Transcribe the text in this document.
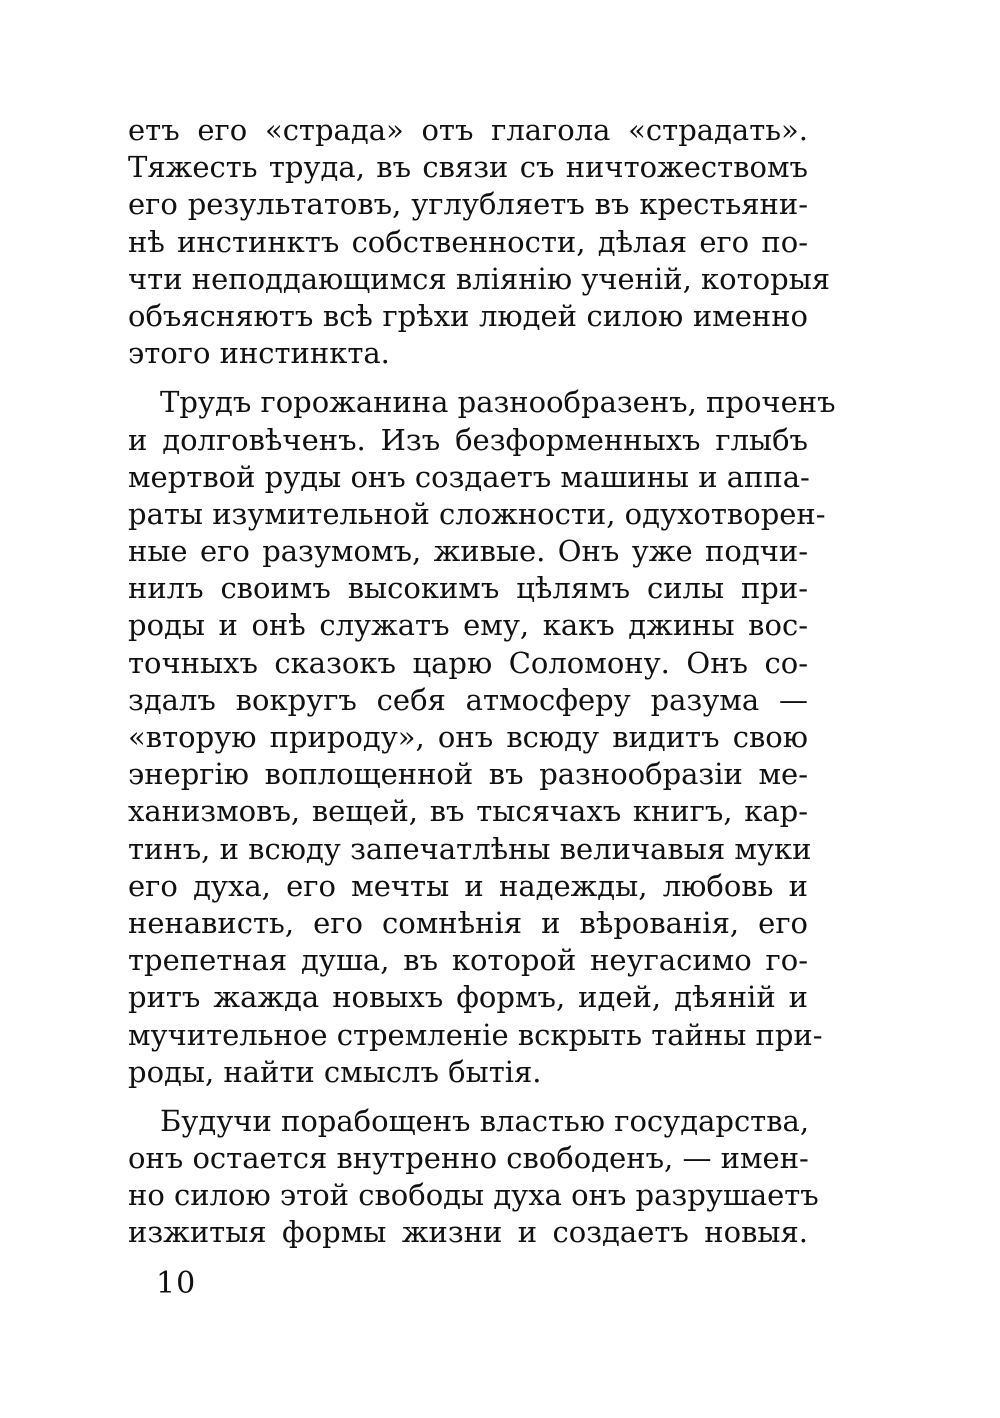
етъ его «страда» отъ глагола «страдать».
Тяжесть труда, въ связи съ ничтожествомъ
его результатовъ, углубляетъ въ крестьяни-
нѣ инстинктъ собственности, дѣлая его по-
чти неподдающимся вліянію ученій, которыя
объясняютъ всѣ грѣхи людей силою именно
этого инстинкта.
Трудъ горожанина разнообразенъ, проченъ
и долговѣченъ. Изъ безформенныхъ глыбъ
мертвой руды онъ создаетъ машины и аппа-
раты изумительной сложности, одухотворен-
ные его разумомъ, живые. Онъ уже подчи-
нилъ своимъ высокимъ цѣлямъ силы при-
роды и онѣ служатъ ему, какъ джины вос-
точныхъ сказокъ царю Соломону. Онъ со-
здалъ вокругъ себя атмосферу разума —
«вторую природу», онъ всюду видитъ свою
энергію воплощенной въ разнообразіи ме-
ханизмовъ, вещей, въ тысячахъ книгъ, кар-
тинъ, и всюду запечатлѣны величавыя муки
его духа, его мечты и надежды, любовь и
ненависть, его сомнѣнія и вѣрованія, его
трепетная душа, въ которой неугасимо го-
ритъ жажда новыхъ формъ, идей, дѣяній и
мучительное стремленіе вскрыть тайны при-
роды, найти смыслъ бытія.
Будучи порабощенъ властью государства,
онъ остается внутренно свободенъ, — имен-
но силою этой свободы духа онъ разрушаетъ
изжитыя формы жизни и создаетъ новыя.
10
